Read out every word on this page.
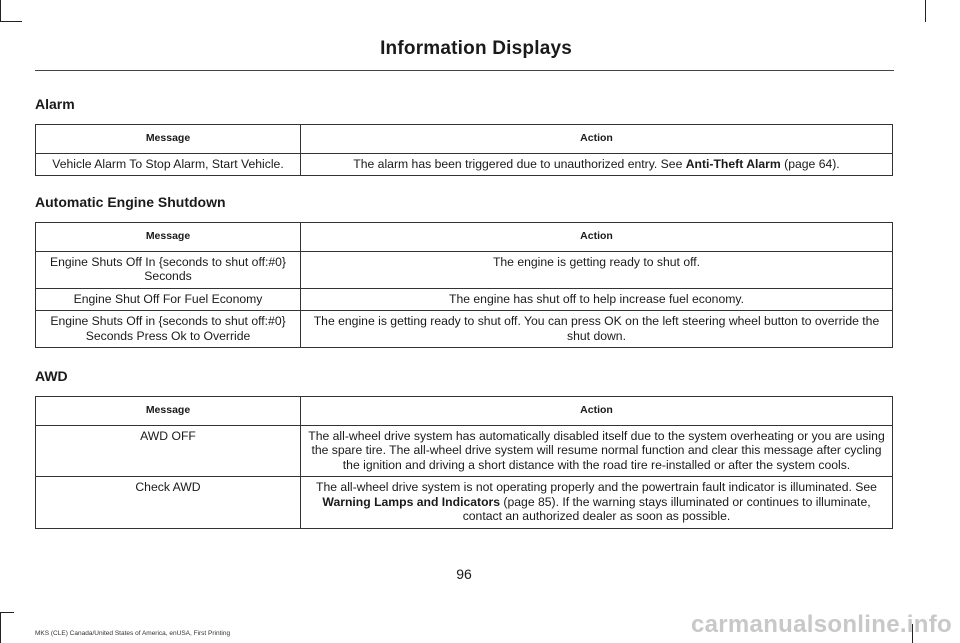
Information Displays
Alarm
Message	Action
Vehicle Alarm To Stop Alarm, Start Vehicle.	The alarm has been triggered due to unauthorized entry. See Anti-Theft Alarm (page 64).
Automatic Engine Shutdown
Message	Action
Engine Shuts Off In {seconds to shut off:#0} Seconds	The engine is getting ready to shut off.
Engine Shut Off For Fuel Economy	The engine has shut off to help increase fuel economy.
Engine Shuts Off in {seconds to shut off:#0} Seconds Press Ok to Override	The engine is getting ready to shut off. You can press OK on the left steering wheel button to override the shut down.
AWD
Message	Action
AWD OFF	The all-wheel drive system has automatically disabled itself due to the system overheating or you are using the spare tire. The all-wheel drive system will resume normal function and clear this message after cycling the ignition and driving a short distance with the road tire re-installed or after the system cools.
Check AWD	The all-wheel drive system is not operating properly and the powertrain fault indicator is illuminated. See Warning Lamps and Indicators (page 85). If the warning stays illuminated or continues to illuminate, contact an authorized dealer as soon as possible.
96
MKS (CLE) Canada/United States of America, enUSA, First Printing	carmanualsonline.info
